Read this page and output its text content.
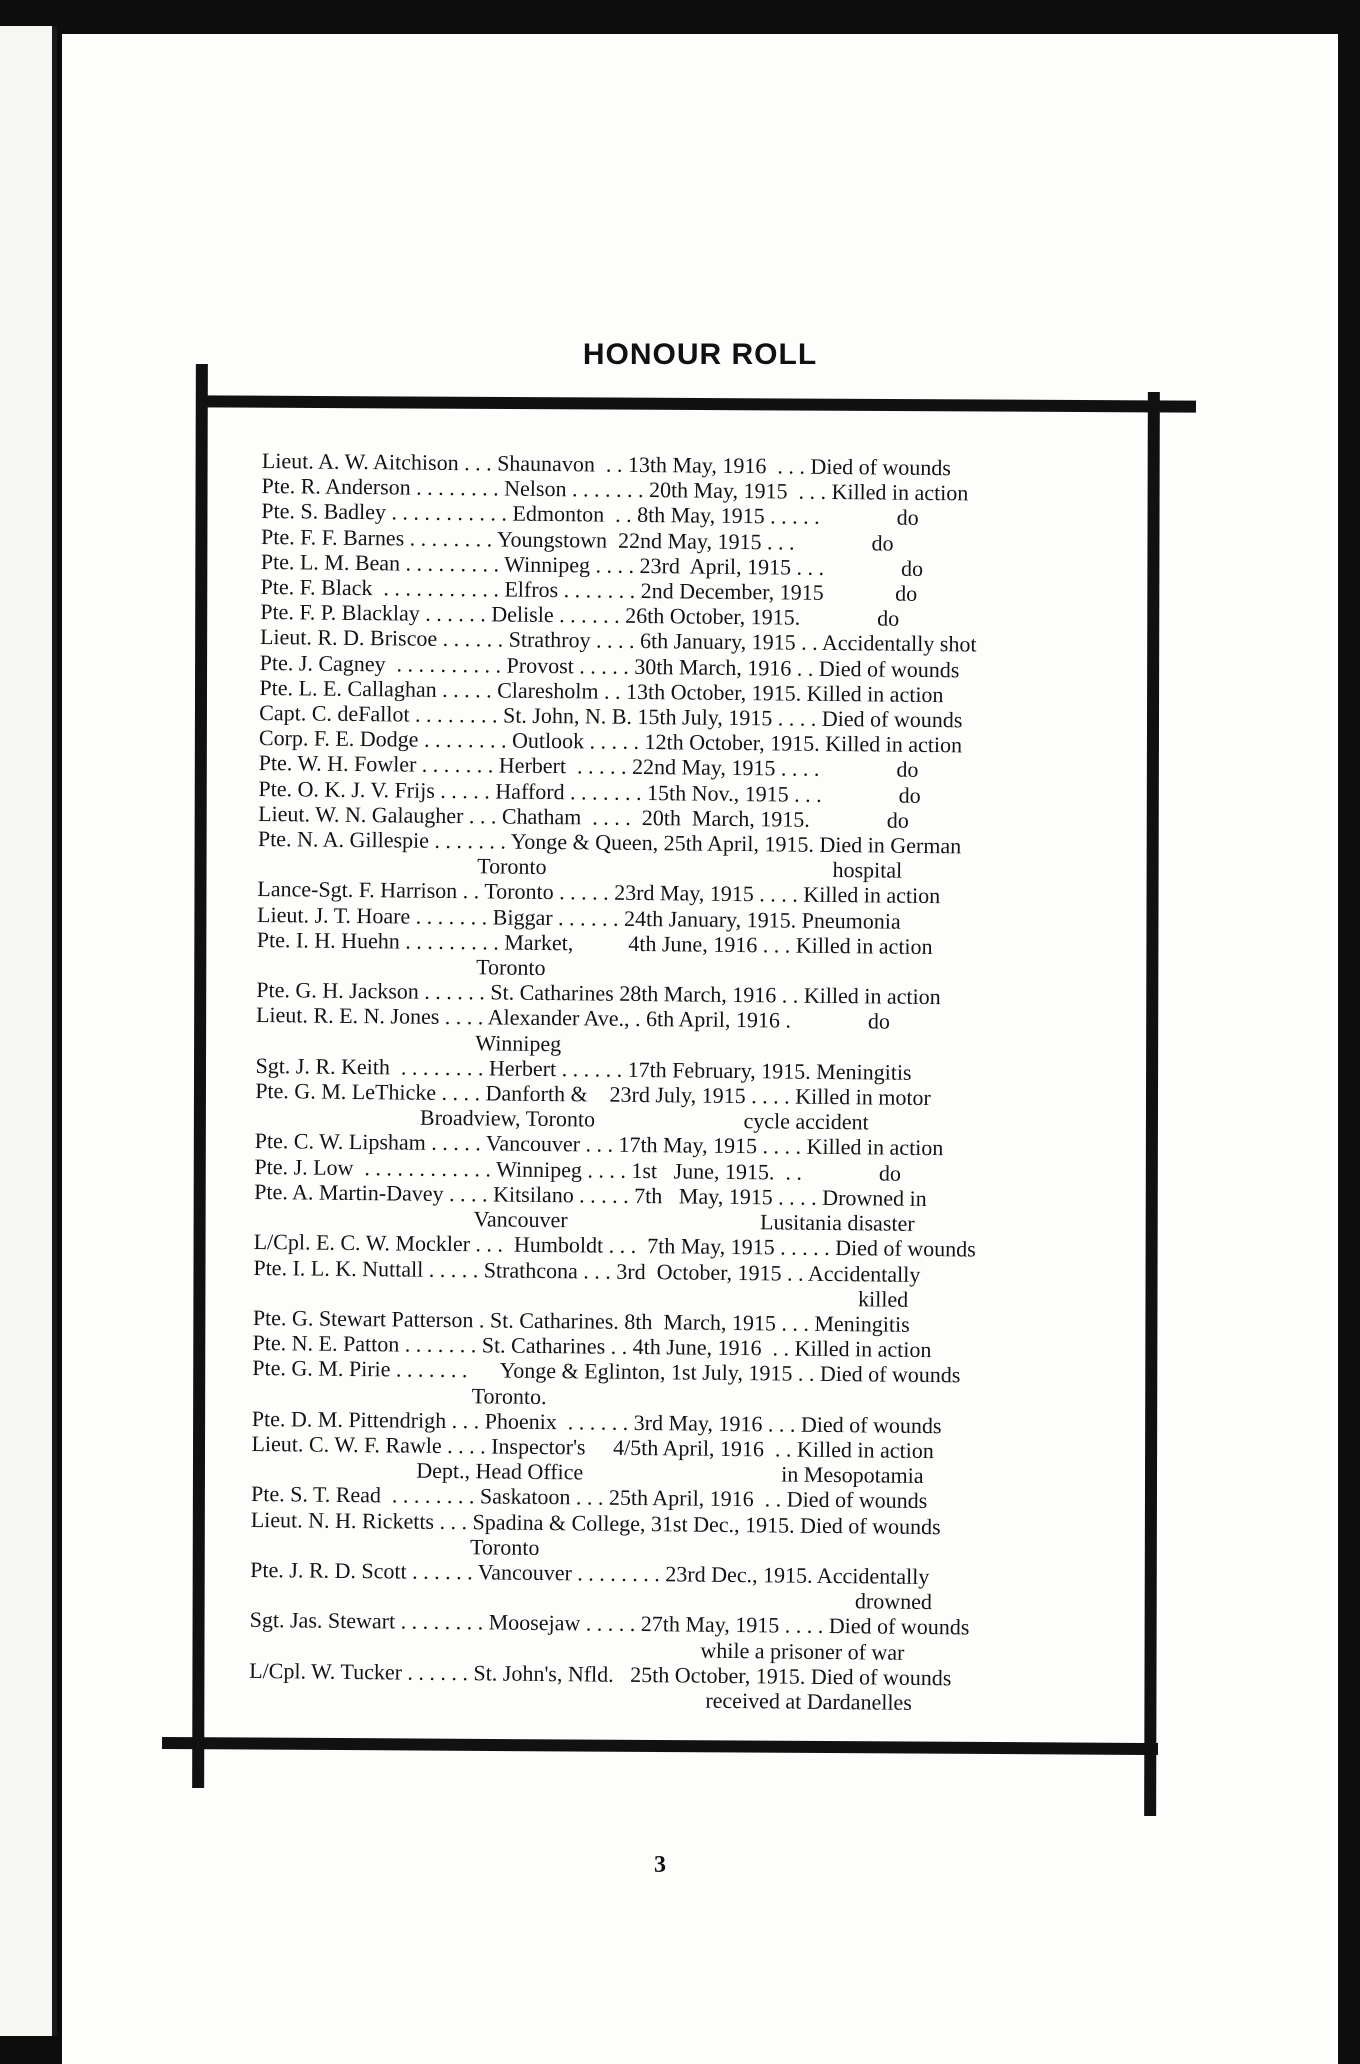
HONOUR ROLL
Lieut. A. W. Aitchison . . . Shaunavon  . . 13th May, 1916  . . . Died of wounds
Pte. R. Anderson . . . . . . . . Nelson . . . . . . . 20th May, 1915  . . . Killed in action
Pte. S. Badley . . . . . . . . . . . Edmonton  . . 8th May, 1915 . . . . .              do
Pte. F. F. Barnes . . . . . . . . Youngstown  22nd May, 1915 . . .              do
Pte. L. M. Bean . . . . . . . . . Winnipeg . . . . 23rd  April, 1915 . . .              do
Pte. F. Black  . . . . . . . . . . . Elfros . . . . . . . 2nd December, 1915             do
Pte. F. P. Blacklay . . . . . . Delisle . . . . . . 26th October, 1915.              do
Lieut. R. D. Briscoe . . . . . . Strathroy . . . . 6th January, 1915 . . Accidentally shot
Pte. J. Cagney  . . . . . . . . . . Provost . . . . . 30th March, 1916 . . Died of wounds
Pte. L. E. Callaghan . . . . . Claresholm . . 13th October, 1915. Killed in action
Capt. C. deFallot . . . . . . . . St. John, N. B. 15th July, 1915 . . . . Died of wounds
Corp. F. E. Dodge . . . . . . . . Outlook . . . . . 12th October, 1915. Killed in action
Pte. W. H. Fowler . . . . . . . Herbert  . . . . . 22nd May, 1915 . . . .              do
Pte. O. K. J. V. Frijs . . . . . Hafford . . . . . . . 15th Nov., 1915 . . .              do
Lieut. W. N. Galaugher . . . Chatham  . . . .  20th  March, 1915.              do
Pte. N. A. Gillespie . . . . . . . Yonge & Queen, 25th April, 1915. Died in German
Toronto                                                    hospital
Lance-Sgt. F. Harrison . . Toronto . . . . . 23rd May, 1915 . . . . Killed in action
Lieut. J. T. Hoare . . . . . . . Biggar . . . . . . 24th January, 1915. Pneumonia
Pte. I. H. Huehn . . . . . . . . . Market,          4th June, 1916 . . . Killed in action
Toronto
Pte. G. H. Jackson . . . . . . St. Catharines 28th March, 1916 . . Killed in action
Lieut. R. E. N. Jones . . . . Alexander Ave., . 6th April, 1916 .              do
Winnipeg
Sgt. J. R. Keith  . . . . . . . . Herbert . . . . . . 17th February, 1915. Meningitis
Pte. G. M. LeThicke . . . . Danforth &    23rd July, 1915 . . . . Killed in motor
Broadview, Toronto                           cycle accident
Pte. C. W. Lipsham . . . . . Vancouver . . . 17th May, 1915 . . . . Killed in action
Pte. J. Low  . . . . . . . . . . . . Winnipeg . . . . 1st   June, 1915.  . .              do
Pte. A. Martin-Davey . . . . Kitsilano . . . . . 7th   May, 1915 . . . . Drowned in
Vancouver                                   Lusitania disaster
L/Cpl. E. C. W. Mockler . . .  Humboldt . . .  7th May, 1915 . . . . . Died of wounds
Pte. I. L. K. Nuttall . . . . . Strathcona . . . 3rd  October, 1915 . . Accidentally
killed
Pte. G. Stewart Patterson . St. Catharines. 8th  March, 1915 . . . Meningitis
Pte. N. E. Patton . . . . . . . St. Catharines . . 4th June, 1916  . . Killed in action
Pte. G. M. Pirie . . . . . . .      Yonge & Eglinton, 1st July, 1915 . . Died of wounds
Toronto.
Pte. D. M. Pittendrigh . . . Phoenix  . . . . . . 3rd May, 1916 . . . Died of wounds
Lieut. C. W. F. Rawle . . . . Inspector's     4/5th April, 1916  . . Killed in action
Dept., Head Office                                    in Mesopotamia
Pte. S. T. Read  . . . . . . . . Saskatoon . . . 25th April, 1916  . . Died of wounds
Lieut. N. H. Ricketts . . . Spadina & College, 31st Dec., 1915. Died of wounds
Toronto
Pte. J. R. D. Scott . . . . . . Vancouver . . . . . . . . 23rd Dec., 1915. Accidentally
drowned
Sgt. Jas. Stewart . . . . . . . . Moosejaw . . . . . 27th May, 1915 . . . . Died of wounds
while a prisoner of war
L/Cpl. W. Tucker . . . . . . St. John's, Nfld.   25th October, 1915. Died of wounds
received at Dardanelles
3
